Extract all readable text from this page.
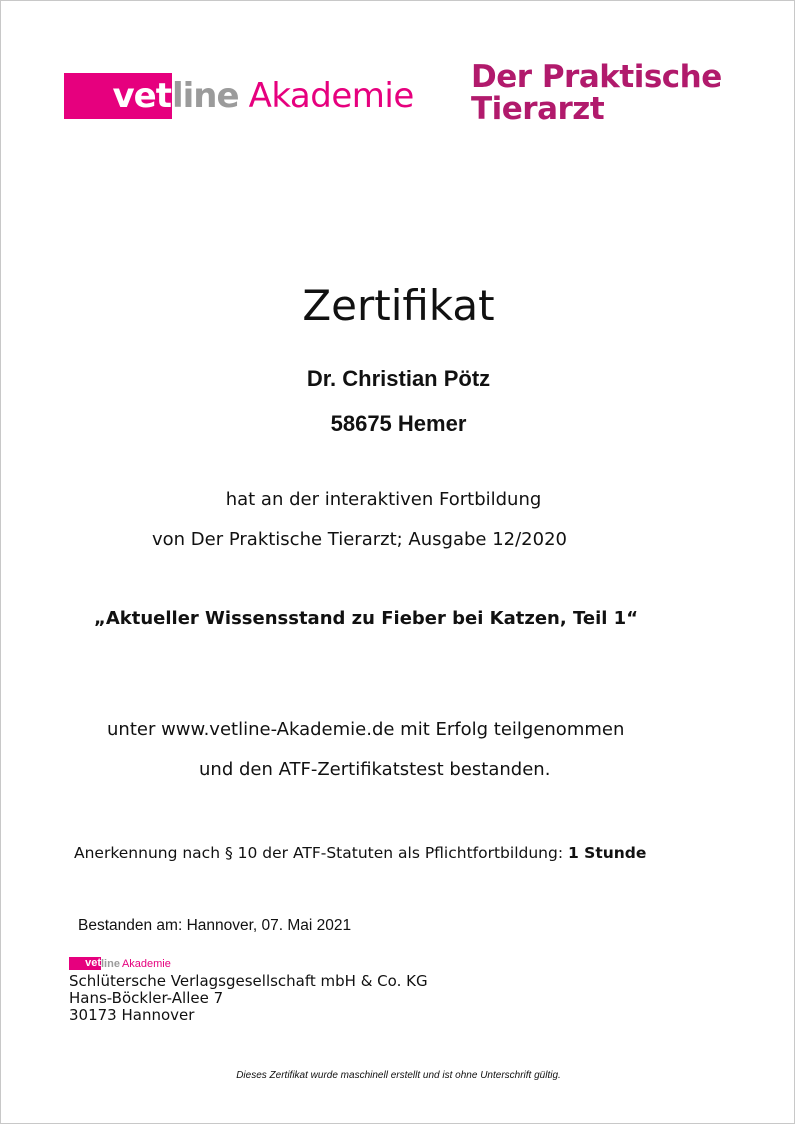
vet line Akademie Der Praktische
Tierarzt
Zertifikat
Dr. Christian Pötz
58675 Hemer
hat an der interaktiven Fortbildung
von Der Praktische Tierarzt; Ausgabe 12/2020
„Aktueller Wissensstand zu Fieber bei Katzen, Teil 1“
unter www.vetline-Akademie.de mit Erfolg teilgenommen
und den ATF-Zertifikatstest bestanden.
Anerkennung nach § 10 der ATF-Statuten als Pflichtfortbildung: 1 Stunde
Bestanden am: Hannover, 07. Mai 2021
vet line Akademie
Schlütersche Verlagsgesellschaft mbH & Co. KG
Hans-Böckler-Allee 7
30173 Hannover
Dieses Zertifikat wurde maschinell erstellt und ist ohne Unterschrift gültig.
